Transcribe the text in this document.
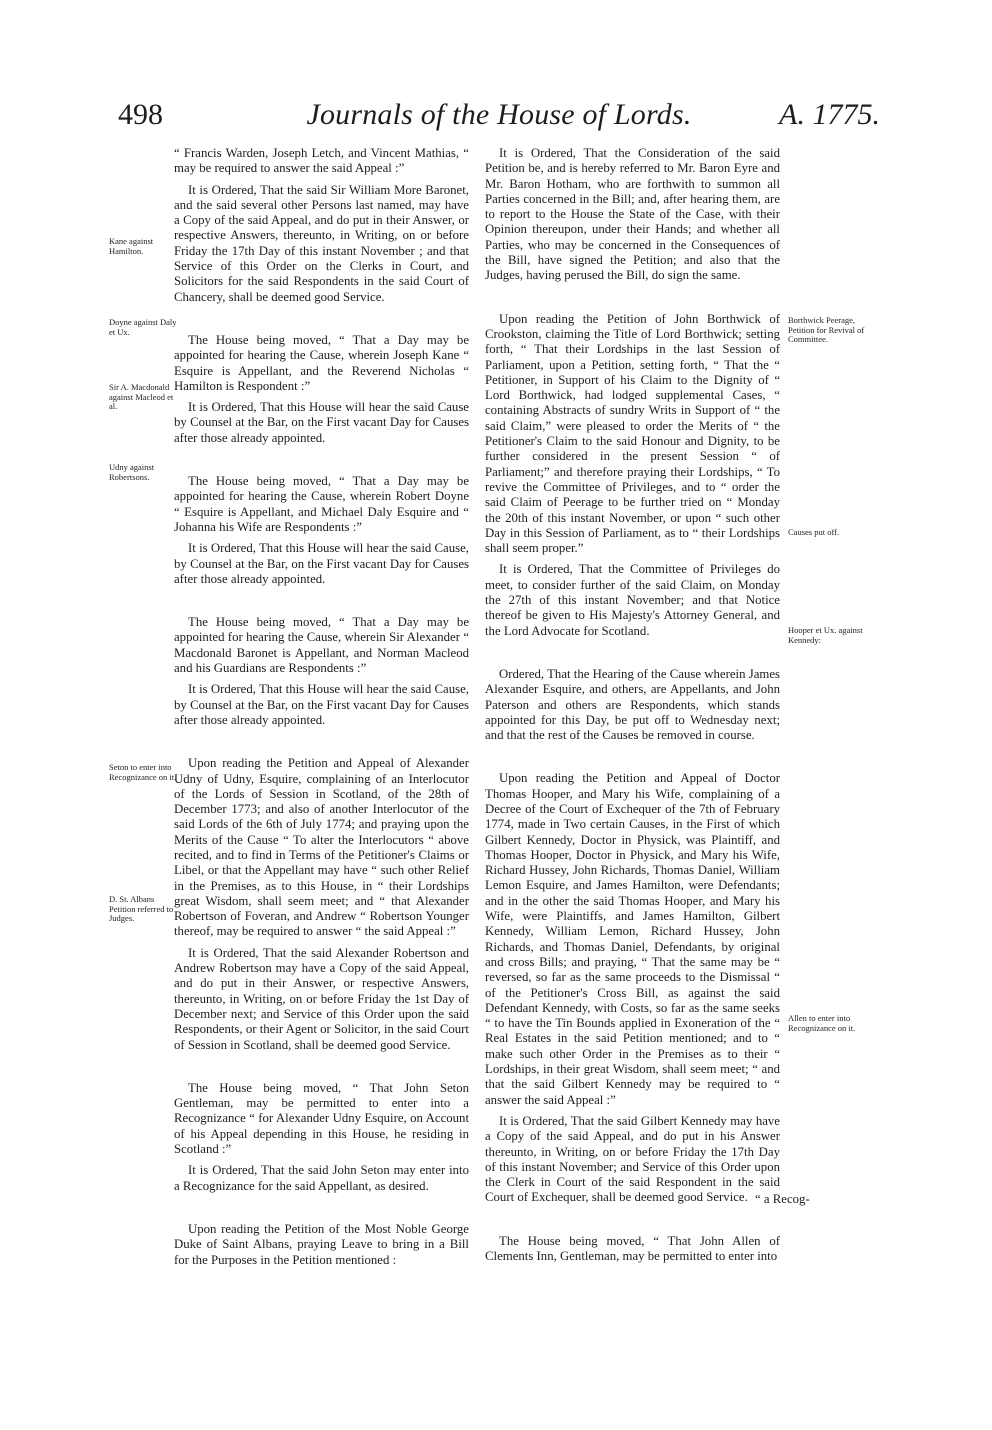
498	Journals of the House of Lords.	A. 1775.
Kane against Hamilton.
Doyne against Daly et Ux.
Sir A. Macdonald against Macleod et al.
Udny against Robertsons.
Seton to enter into Recognizance on it.
D. St. Albans Petition referred to Judges.
Borthwick Peerage, Petition for Revival of Committee.
Causes put off.
Hooper et Ux. against Kennedy:
Allen to enter into Recognizance on it.

“ Francis Warden, Joseph Letch, and Vincent Mathias, “ may be required to answer the said Appeal :”

It is Ordered, That the said Sir William More Baronet, and the said several other Persons last named, may have a Copy of the said Appeal, and do put in their Answer, or respective Answers, thereunto, in Writing, on or before Friday the 17th Day of this instant November ; and that Service of this Order on the Clerks in Court, and Solicitors for the said Respondents in the said Court of Chancery, shall be deemed good Service.

The House being moved, “ That a Day may be appointed for hearing the Cause, wherein Joseph Kane “ Esquire is Appellant, and the Reverend Nicholas “ Hamilton is Respondent :”

It is Ordered, That this House will hear the said Cause by Counsel at the Bar, on the First vacant Day for Causes after those already appointed.

The House being moved, “ That a Day may be appointed for hearing the Cause, wherein Robert Doyne “ Esquire is Appellant, and Michael Daly Esquire and “ Johanna his Wife are Respondents :”

It is Ordered, That this House will hear the said Cause, by Counsel at the Bar, on the First vacant Day for Causes after those already appointed.

The House being moved, “ That a Day may be appointed for hearing the Cause, wherein Sir Alexander “ Macdonald Baronet is Appellant, and Norman Macleod and his Guardians are Respondents :”

It is Ordered, That this House will hear the said Cause, by Counsel at the Bar, on the First vacant Day for Causes after those already appointed.

Upon reading the Petition and Appeal of Alexander Udny of Udny, Esquire, complaining of an Interlocutor of the Lords of Session in Scotland, of the 28th of December 1773; and also of another Interlocutor of the said Lords of the 6th of July 1774; and praying upon the Merits of the Cause “ To alter the Interlocutors “ above recited, and to find in Terms of the Petitioner's Claims or Libel, or that the Appellant may have “ such other Relief in the Premises, as to this House, in “ their Lordships great Wisdom, shall seem meet; and “ that Alexander Robertson of Foveran, and Andrew “ Robertson Younger thereof, may be required to answer “ the said Appeal :”

It is Ordered, That the said Alexander Robertson and Andrew Robertson may have a Copy of the said Appeal, and do put in their Answer, or respective Answers, thereunto, in Writing, on or before Friday the 1st Day of December next; and Service of this Order upon the said Respondents, or their Agent or Solicitor, in the said Court of Session in Scotland, shall be deemed good Service.

The House being moved, “ That John Seton Gentleman, may be permitted to enter into a Recognizance “ for Alexander Udny Esquire, on Account of his Appeal depending in this House, he residing in Scotland :”

It is Ordered, That the said John Seton may enter into a Recognizance for the said Appellant, as desired.

Upon reading the Petition of the Most Noble George Duke of Saint Albans, praying Leave to bring in a Bill for the Purposes in the Petition mentioned :

It is Ordered, That the Consideration of the said Petition be, and is hereby referred to Mr. Baron Eyre and Mr. Baron Hotham, who are forthwith to summon all Parties concerned in the Bill; and, after hearing them, are to report to the House the State of the Case, with their Opinion thereupon, under their Hands; and whether all Parties, who may be concerned in the Consequences of the Bill, have signed the Petition; and also that the Judges, having perused the Bill, do sign the same.

Upon reading the Petition of John Borthwick of Crookston, claiming the Title of Lord Borthwick; setting forth, “ That their Lordships in the last Session of Parliament, upon a Petition, setting forth, “ That the “ Petitioner, in Support of his Claim to the Dignity of “ Lord Borthwick, had lodged supplemental Cases, “ containing Abstracts of sundry Writs in Support of “ the said Claim,” were pleased to order the Merits of “ the Petitioner's Claim to the said Honour and Dignity, to be further considered in the present Session “ of Parliament;” and therefore praying their Lordships, “ To revive the Committee of Privileges, and to “ order the said Claim of Peerage to be further tried on “ Monday the 20th of this instant November, or upon “ such other Day in this Session of Parliament, as to “ their Lordships shall seem proper.”

It is Ordered, That the Committee of Privileges do meet, to consider further of the said Claim, on Monday the 27th of this instant November; and that Notice thereof be given to His Majesty's Attorney General, and the Lord Advocate for Scotland.

Ordered, That the Hearing of the Cause wherein James Alexander Esquire, and others, are Appellants, and John Paterson and others are Respondents, which stands appointed for this Day, be put off to Wednesday next; and that the rest of the Causes be removed in course.

Upon reading the Petition and Appeal of Doctor Thomas Hooper, and Mary his Wife, complaining of a Decree of the Court of Exchequer of the 7th of February 1774, made in Two certain Causes, in the First of which Gilbert Kennedy, Doctor in Physick, was Plaintiff, and Thomas Hooper, Doctor in Physick, and Mary his Wife, Richard Hussey, John Richards, Thomas Daniel, William Lemon Esquire, and James Hamilton, were Defendants; and in the other the said Thomas Hooper, and Mary his Wife, were Plaintiffs, and James Hamilton, Gilbert Kennedy, William Lemon, Richard Hussey, John Richards, and Thomas Daniel, Defendants, by original and cross Bills; and praying, “ That the same may be “ reversed, so far as the same proceeds to the Dismissal “ of the Petitioner's Cross Bill, as against the said Defendant Kennedy, with Costs, so far as the same seeks “ to have the Tin Bounds applied in Exoneration of the “ Real Estates in the said Petition mentioned; and to “ make such other Order in the Premises as to their “ Lordships, in their great Wisdom, shall seem meet; “ and that the said Gilbert Kennedy may be required to “ answer the said Appeal :”

It is Ordered, That the said Gilbert Kennedy may have a Copy of the said Appeal, and do put in his Answer thereunto, in Writing, on or before Friday the 17th Day of this instant November; and Service of this Order upon the Clerk in Court of the said Respondent in the said Court of Exchequer, shall be deemed good Service.

The House being moved, “ That John Allen of Clements Inn, Gentleman, may be permitted to enter into

“ a Recog-
